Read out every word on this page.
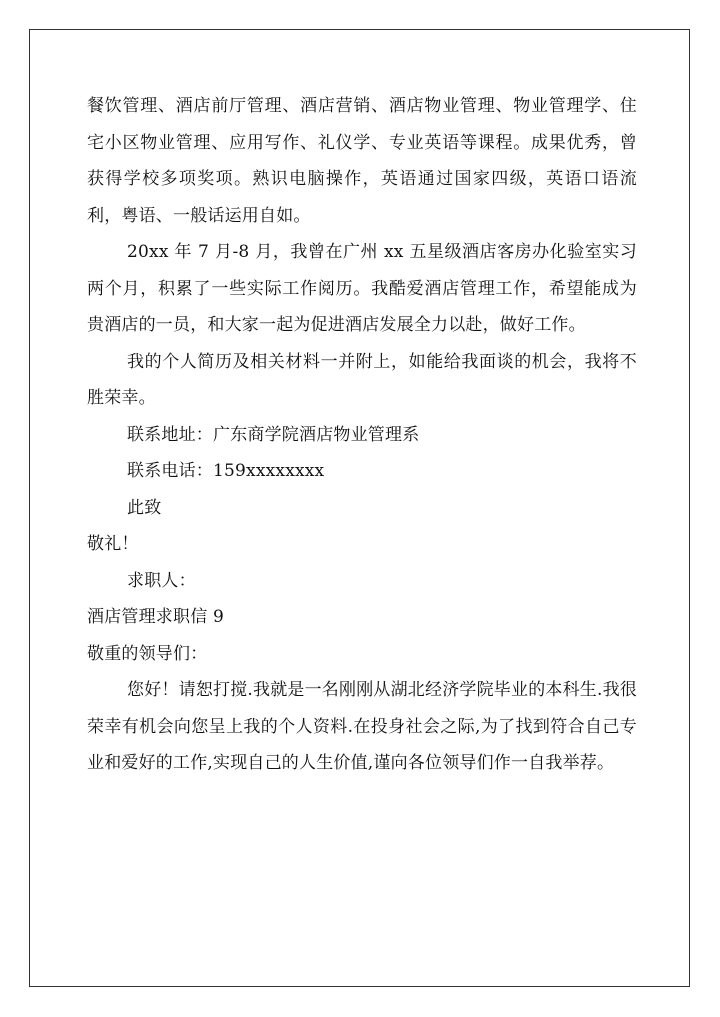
餐饮管理、酒店前厅管理、酒店营销、酒店物业管理、物业管理学、住宅小区物业管理、应用写作、礼仪学、专业英语等课程。成果优秀，曾获得学校多项奖项。熟识电脑操作，英语通过国家四级，英语口语流利，粤语、一般话运用自如。

20xx 年 7 月-8 月，我曾在广州 xx 五星级酒店客房办化验室实习两个月，积累了一些实际工作阅历。我酷爱酒店管理工作，希望能成为贵酒店的一员，和大家一起为促进酒店发展全力以赴，做好工作。

我的个人简历及相关材料一并附上，如能给我面谈的机会，我将不胜荣幸。

联系地址：广东商学院酒店物业管理系

联系电话：159xxxxxxxx

此致

敬礼！

求职人：

酒店管理求职信 9

敬重的领导们：

您好！请恕打搅.我就是一名刚刚从湖北经济学院毕业的本科生.我很荣幸有机会向您呈上我的个人资料.在投身社会之际,为了找到符合自己专业和爱好的工作,实现自己的人生价值,谨向各位领导们作一自我举荐。
